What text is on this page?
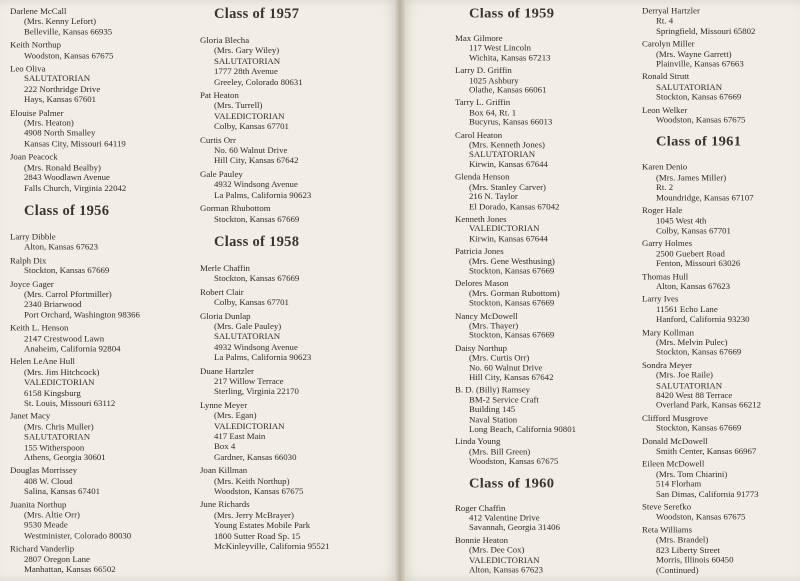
Darlene McCall
(Mrs. Kenny Lefort)
Belleville, Kansas 66935
Keith Northup
Woodston, Kansas 67675
Leo Oliva
SALUTATORIAN
222 Northridge Drive
Hays, Kansas 67601
Elouise Palmer
(Mrs. Heaton)
4908 North Smalley
Kansas City, Missouri 64119
Joan Peacock
(Mrs. Ronald Bealby)
2843 Woodlawn Avenue
Falls Church, Virginia 22042
Class of 1956
Larry Dibble
Alton, Kansas 67623
Ralph Dix
Stockton, Kansas 67669
Joyce Gager
(Mrs. Carrol Pfortmiller)
2340 Briarwood
Port Orchard, Washington 98366
Keith L. Henson
2147 Crestwood Lawn
Anaheim, California 92804
Helen LeAne Hull
(Mrs. Jim Hitchcock)
VALEDICTORIAN
6158 Kingsburg
St. Louis, Missouri 63112
Janet Macy
(Mrs. Chris Muller)
SALUTATORIAN
155 Witherspoon
Athens, Georgia 30601
Douglas Morrissey
408 W. Cloud
Salina, Kansas 67401
Juanita Northup
(Mrs. Altie Orr)
9530 Meade
Westminister, Colorado 80030
Richard Vanderlip
2807 Oregon Lane
Manhattan, Kansas 66502
Class of 1957
Gloria Blecha
(Mrs. Gary Wiley)
SALUTATORIAN
1777 28th Avenue
Greeley, Colorado 80631
Pat Heaton
(Mrs. Turrell)
VALEDICTORIAN
Colby, Kansas 67701
Curtis Orr
No. 60 Walnut Drive
Hill City, Kansas 67642
Gale Pauley
4932 Windsong Avenue
La Palms, California 90623
Gorman Rhubottom
Stockton, Kansas 67669
Class of 1958
Merle Chaffin
Stockton, Kansas 67669
Robert Clair
Colby, Kansas 67701
Gloria Dunlap
(Mrs. Gale Pauley)
SALUTATORIAN
4932 Windsong Avenue
La Palms, California 90623
Duane Hartzler
217 Willow Terrace
Sterling, Virginia 22170
Lynne Meyer
(Mrs. Egan)
VALEDICTORIAN
417 East Main
Box 4
Gardner, Kansas 66030
Joan Killman
(Mrs. Keith Northup)
Woodston, Kansas 67675
June Richards
(Mrs. Jerry McBrayer)
Young Estates Mobile Park
1800 Sutter Road Sp. 15
McKinleyville, California 95521
Class of 1959
Max Gilmore
117 West Lincoln
Wichita, Kansas 67213
Larry D. Griffin
1025 Ashbury
Olathe, Kansas 66061
Tarry L. Griffin
Box 64, Rt. 1
Bucyrus, Kansas 66013
Carol Heaton
(Mrs. Kenneth Jones)
SALUTATORIAN
Kirwin, Kansas 67644
Glenda Henson
(Mrs. Stanley Carver)
216 N. Taylor
El Dorado, Kansas 67042
Kenneth Jones
VALEDICTORIAN
Kirwin, Kansas 67644
Patricia Jones
(Mrs. Gene Westhusing)
Stockton, Kansas 67669
Delores Mason
(Mrs. Gorman Rubottom)
Stockton, Kansas 67669
Nancy McDowell
(Mrs. Thayer)
Stockton, Kansas 67669
Daisy Northup
(Mrs. Curtis Orr)
No. 60 Walnut Drive
Hill City, Kansas 67642
B. D. (Billy) Ramsey
BM-2 Service Craft
Building 145
Naval Station
Long Beach, California 90801
Linda Young
(Mrs. Bill Green)
Woodston, Kansas 67675
Class of 1960
Roger Chaffin
412 Valentine Drive
Savannah, Georgia 31406
Bonnie Heaton
(Mrs. Dee Cox)
VALEDICTORIAN
Alton, Kansas 67623
Derryal Hartzler
Rt. 4
Springfield, Missouri 65802
Carolyn Miller
(Mrs. Wayne Garrett)
Plainville, Kansas 67663
Ronald Strutt
SALUTATORIAN
Stockton, Kansas 67669
Leon Welker
Woodston, Kansas 67675
Class of 1961
Karen Denio
(Mrs. James Miller)
Rt. 2
Moundridge, Kansas 67107
Roger Hale
1045 West 4th
Colby, Kansas 67701
Garry Holmes
2500 Guebert Road
Fenton, Missouri 63026
Thomas Hull
Alton, Kansas 67623
Larry Ives
11561 Echo Lane
Hanford, California 93230
Mary Kollman
(Mrs. Melvin Pulec)
Stockton, Kansas 67669
Sondra Meyer
(Mrs. Joe Raile)
SALUTATORIAN
8420 West 88 Terrace
Overland Park, Kansas 66212
Clifford Musgrove
Stockton, Kansas 67669
Donald McDowell
Smith Center, Kansas 66967
Eileen McDowell
(Mrs. Tom Chiarini)
514 Florham
San Dimas, California 91773
Steve Serefko
Woodston, Kansas 67675
Reta Williams
(Mrs. Brandel)
823 Liberty Street
Morris, Illinois 60450
(Continued)
